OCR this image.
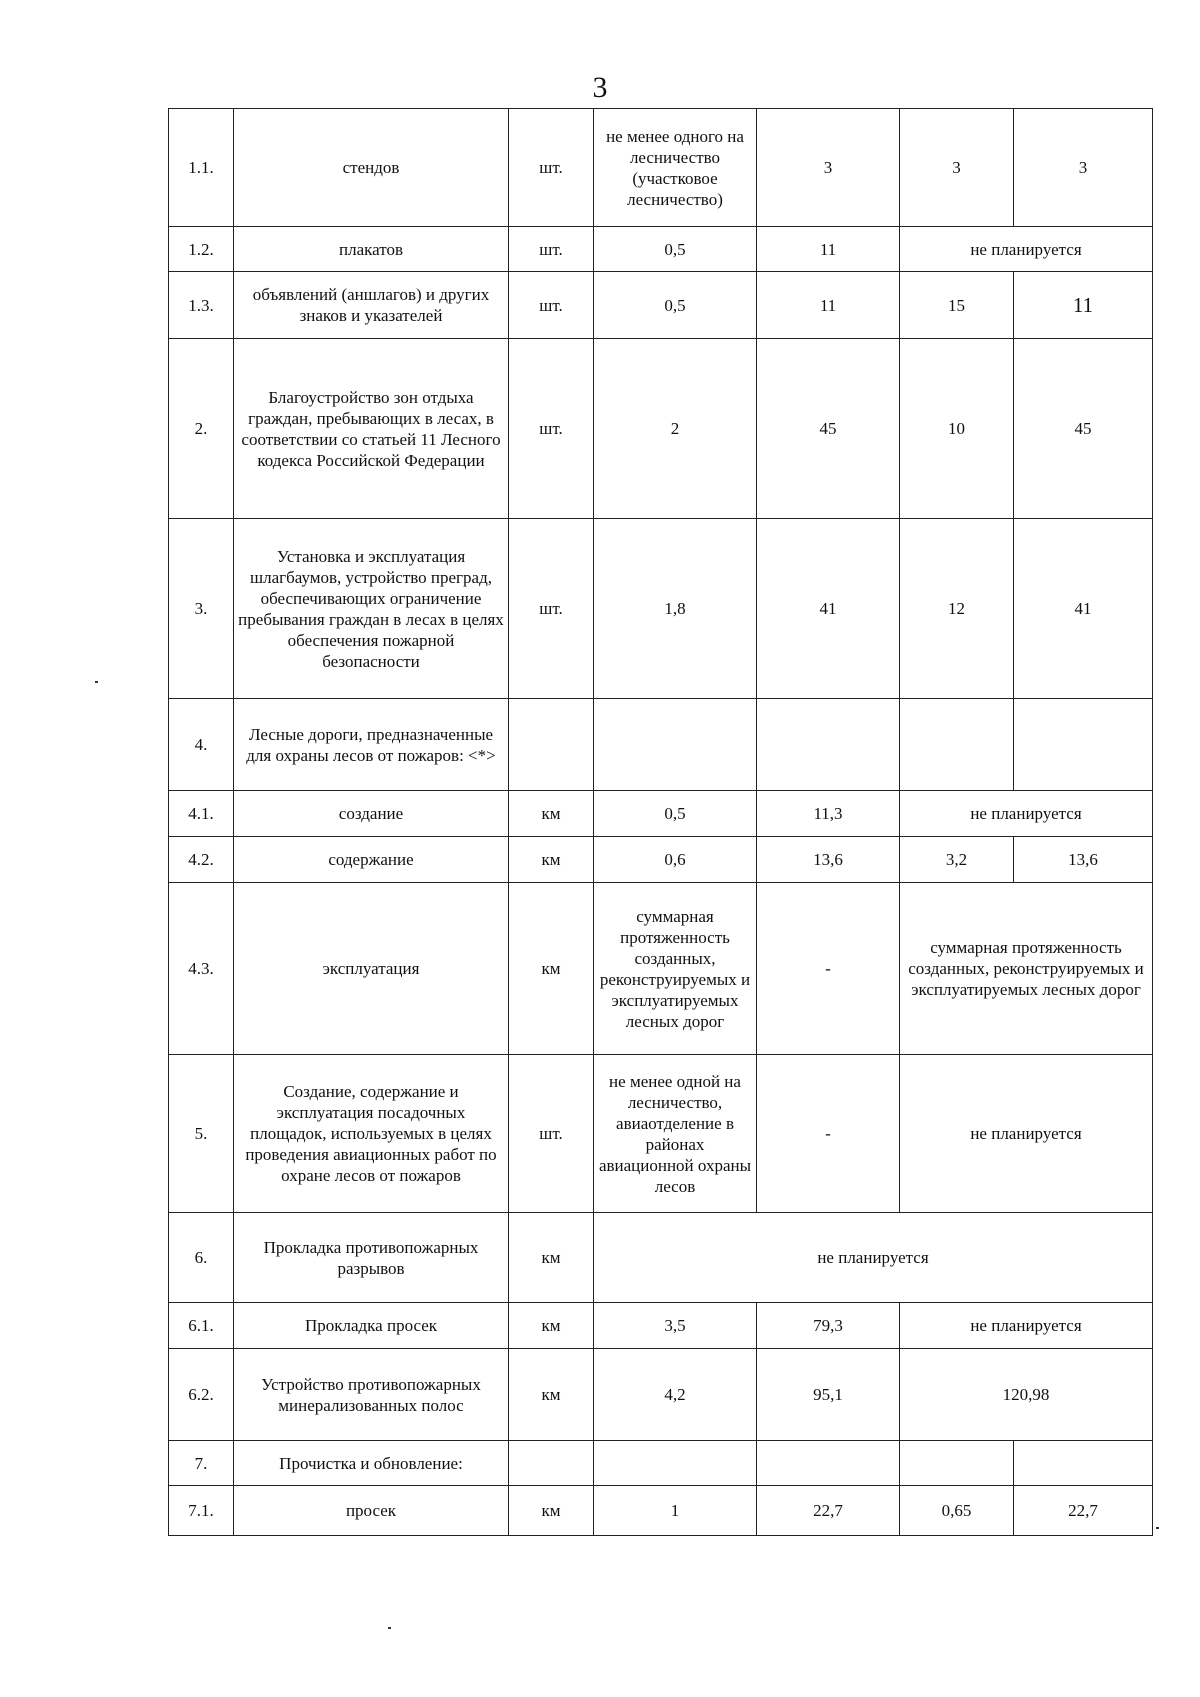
3
1.1.	стендов	шт.	не менее одного на лесничество (участковое лесничество)	3	3	3
1.2.	плакатов	шт.	0,5	11	не планируется	
1.3.	объявлений (аншлагов) и других знаков и указателей	шт.	0,5	11	15	11
2.	Благоустройство зон отдыха граждан, пребывающих в лесах, в соответствии со статьей 11 Лесного кодекса Российской Федерации	шт.	2	45	10	45
3.	Установка и эксплуатация шлагбаумов, устройство преград, обеспечивающих ограничение пребывания граждан в лесах в целях обеспечения пожарной безопасности	шт.	1,8	41	12	41
4.	Лесные дороги, предназначенные для охраны лесов от пожаров: <*>					
4.1.	создание	км	0,5	11,3	не планируется	
4.2.	содержание	км	0,6	13,6	3,2	13,6
4.3.	эксплуатация	км	суммарная протяженность созданных, реконструируемых и эксплуатируемых лесных дорог	-	суммарная протяженность созданных, реконструируемых и эксплуатируемых лесных дорог	
5.	Создание, содержание и эксплуатация посадочных площадок, используемых в целях проведения авиационных работ по охране лесов от пожаров	шт.	не менее одной на лесничество, авиаотделение в районах авиационной охраны лесов	-	не планируется	
6.	Прокладка противопожарных разрывов	км	не планируется			
6.1.	Прокладка просек	км	3,5	79,3	не планируется	
6.2.	Устройство противопожарных минерализованных полос	км	4,2	95,1	120,98	
7.	Прочистка и обновление:					
7.1.	просек	км	1	22,7	0,65	22,7
